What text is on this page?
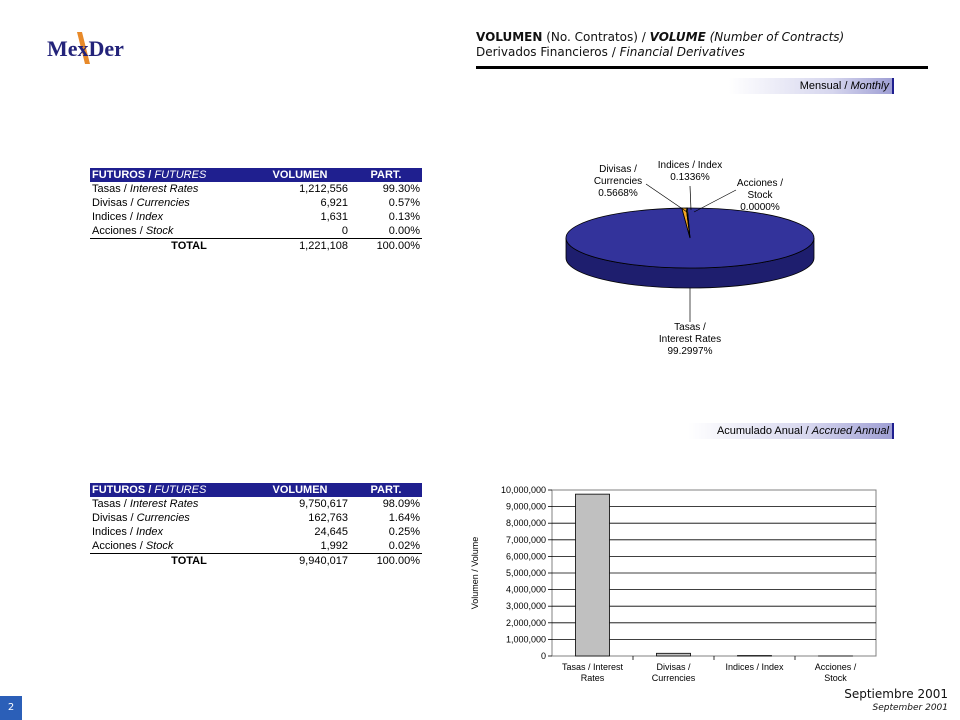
MexDer	VOLUMEN (No. Contratos) / VOLUME (Number of Contracts)
Derivados Financieros / Financial Derivatives
Mensual / Monthly
Acumulado Anual / Accrued Annual
FUTUROS / FUTURES	VOLUMEN	PART.
Tasas / Interest Rates	1,212,556	99.30%
Divisas / Currencies	6,921	0.57%
Indices / Index	1,631	0.13%
Acciones / Stock	0	0.00%
TOTAL	1,221,108	100.00%
FUTUROS / FUTURES	VOLUMEN	PART.
Tasas / Interest Rates	9,750,617	98.09%
Divisas / Currencies	162,763	1.64%
Indices / Index	24,645	0.25%
Acciones / Stock	1,992	0.02%
TOTAL	9,940,017	100.00%
Tasas / Interest Rates 99.2997%
Divisas / Currencies 0.5668%
Indices / Index 0.1336%
Acciones / Stock 0.0000%
0
1,000,000
2,000,000
3,000,000
4,000,000
5,000,000
6,000,000
7,000,000
8,000,000
9,000,000
10,000,000
Tasas / Interest Rates
Divisas / Currencies
Indices / Index	Acciones / Stock
Volumen / Volume
Septiembre 2001
September 2001
2
